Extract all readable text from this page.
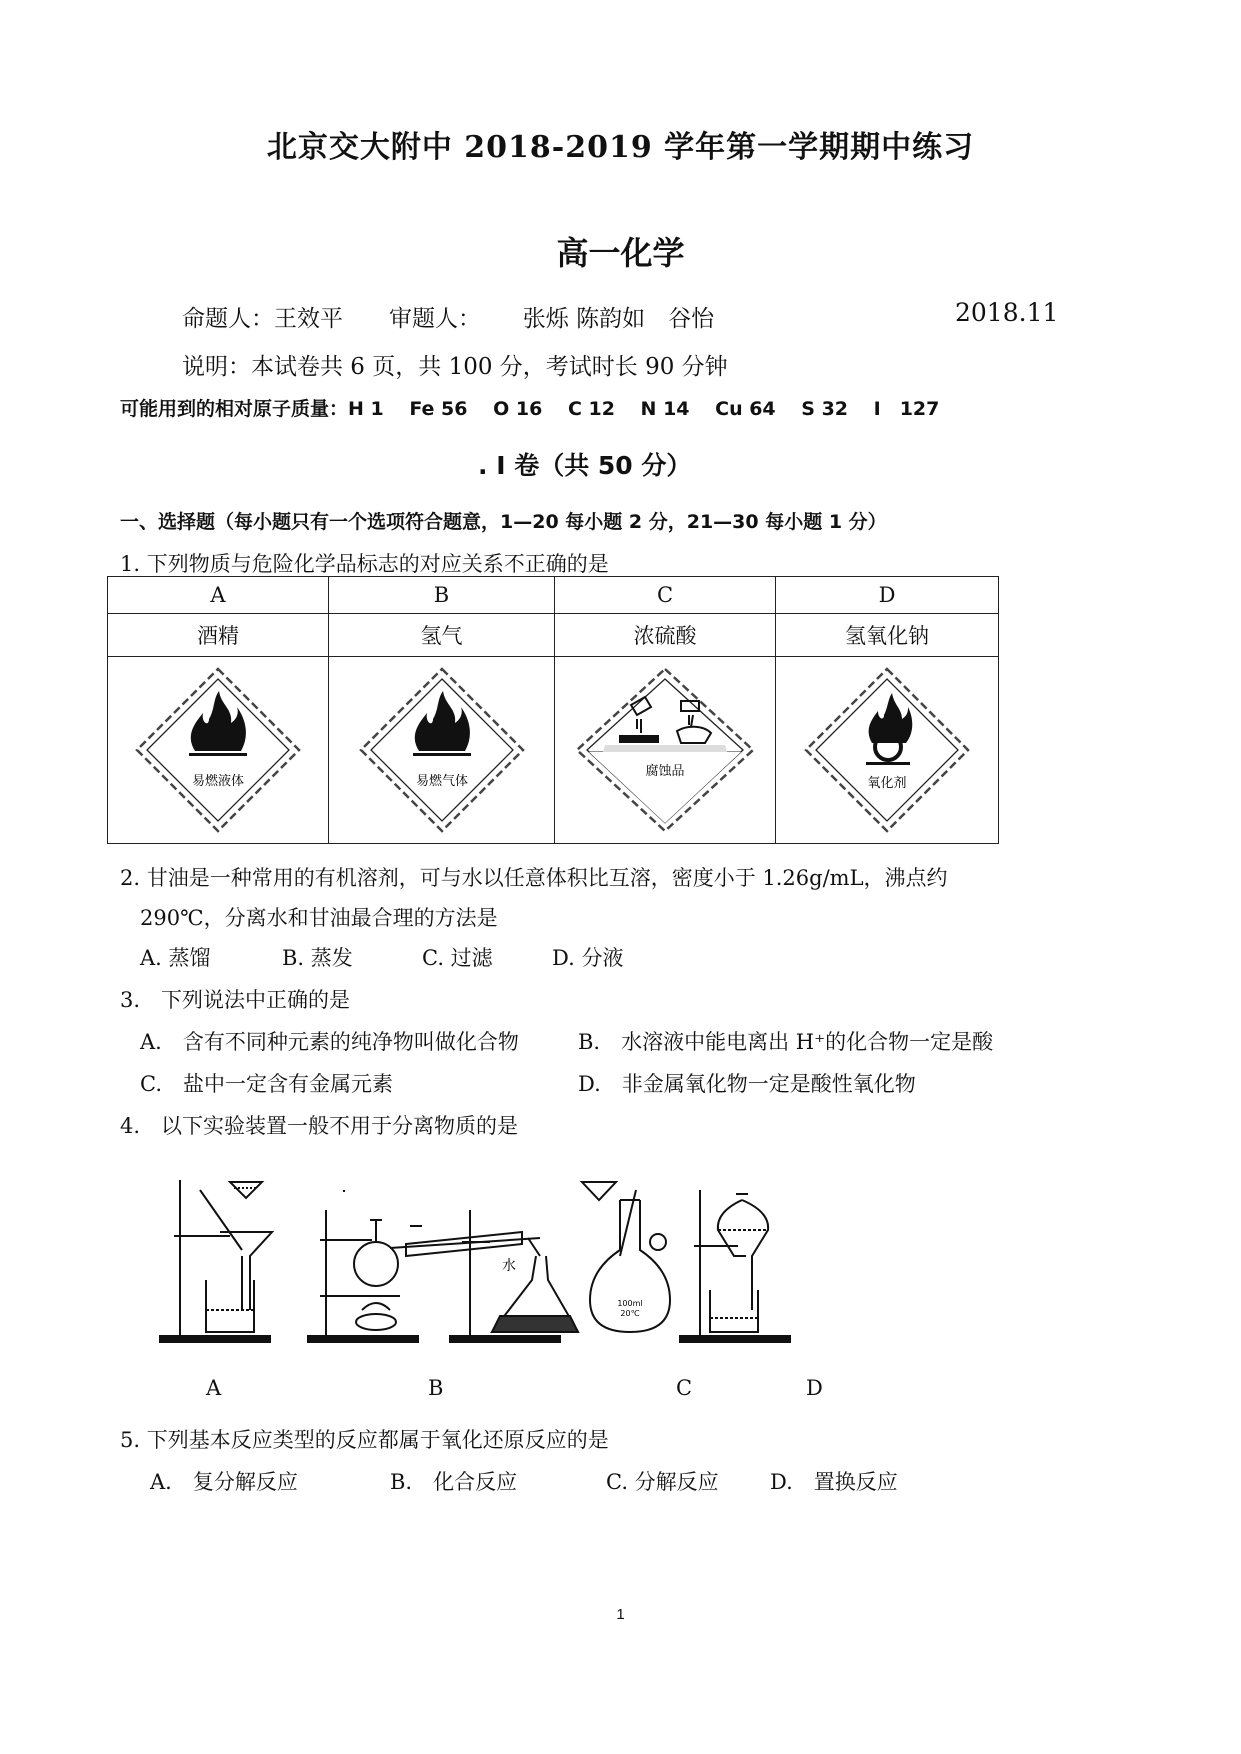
北京交大附中 2018-2019 学年第一学期期中练习
高一化学
命题人：王效平　　审题人：　　 张烁 陈韵如　谷怡	2018.11
说明：本试卷共 6 页，共 100 分，考试时长 90 分钟
可能用到的相对原子质量：H 1　 Fe 56　 O 16　 C 12　 N 14　 Cu 64　 S 32　 I　127
. I 卷（共 50 分）
一、选择题（每小题只有一个选项符合题意，1—20 每小题 2 分，21—30 每小题 1 分）
1. 下列物质与危险化学品标志的对应关系不正确的是
A	B	C	D
酒精	氢气	浓硫酸	氢氧化钠

易燃液体	易燃气体	腐蚀品	氧化剂
2. 甘油是一种常用的有机溶剂，可与水以任意体积比互溶，密度小于 1.26g/mL，沸点约
290℃，分离水和甘油最合理的方法是
A. 蒸馏	B. 蒸发	C. 过滤	D. 分液
3.　下列说法中正确的是
A.　含有不同种元素的纯净物叫做化合物	B.　水溶液中能电离出 H⁺的化合物一定是酸
C.　盐中一定含有金属元素	D.　非金属氧化物一定是酸性氧化物
4.　以下实验装置一般不用于分离物质的是
100ml
20℃
水
A	B	C	D
5. 下列基本反应类型的反应都属于氧化还原反应的是
A.　复分解反应	B.　化合反应	C. 分解反应 D.　置换反应
1
